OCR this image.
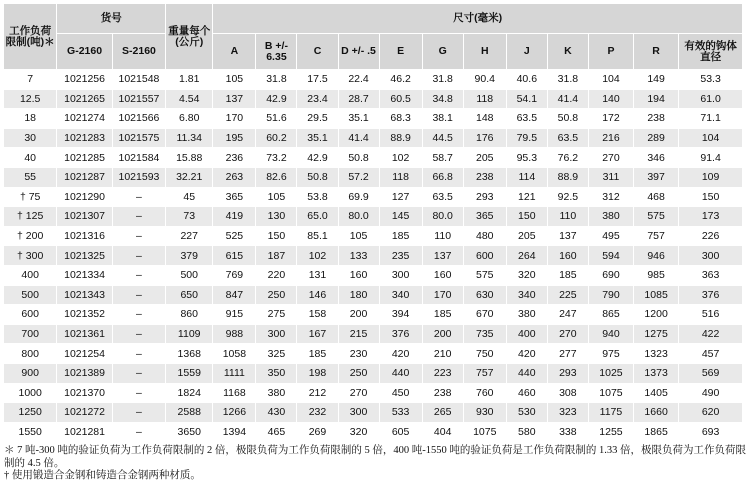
工作负荷限制(吨)＊	货号		重量每个(公斤)	尺寸(毫米)											
	G-2160	S-2160		A	B +/- 6.35	C	D +/- .5	E	G	H	J	K	P	R	有效的钩体直径

7	1021256	1021548	1.81	105	31.8	17.5	22.4	46.2	31.8	90.4	40.6	31.8	104	149	53.3
12.5	1021265	1021557	4.54	137	42.9	23.4	28.7	60.5	34.8	118	54.1	41.4	140	194	61.0
18	1021274	1021566	6.80	170	51.6	29.5	35.1	68.3	38.1	148	63.5	50.8	172	238	71.1
30	1021283	1021575	11.34	195	60.2	35.1	41.4	88.9	44.5	176	79.5	63.5	216	289	104
40	1021285	1021584	15.88	236	73.2	42.9	50.8	102	58.7	205	95.3	76.2	270	346	91.4
55	1021287	1021593	32.21	263	82.6	50.8	57.2	118	66.8	238	114	88.9	311	397	109
† 75	1021290	–	45	365	105	53.8	69.9	127	63.5	293	121	92.5	312	468	150
† 125	1021307	–	73	419	130	65.0	80.0	145	80.0	365	150	110	380	575	173
† 200	1021316	–	227	525	150	85.1	105	185	110	480	205	137	495	757	226
† 300	1021325	–	379	615	187	102	133	235	137	600	264	160	594	946	300
400	1021334	–	500	769	220	131	160	300	160	575	320	185	690	985	363
500	1021343	–	650	847	250	146	180	340	170	630	340	225	790	1085	376
600	1021352	–	860	915	275	158	200	394	185	670	380	247	865	1200	516
700	1021361	–	1109	988	300	167	215	376	200	735	400	270	940	1275	422
800	1021254	–	1368	1058	325	185	230	420	210	750	420	277	975	1323	457
900	1021389	–	1559	1111	350	198	250	440	223	757	440	293	1025	1373	569
1000	1021370	–	1824	1168	380	212	270	450	238	760	460	308	1075	1405	490
1250	1021272	–	2588	1266	430	232	300	533	265	930	530	323	1175	1660	620
1550	1021281	–	3650	1394	465	269	320	605	404	1075	580	338	1255	1865	693
＊ 7 吨-300 吨的验证负荷为工作负荷限制的 2 倍，极限负荷为工作负荷限制的 5 倍，400 吨-1550 吨的验证负荷是工作负荷限制的 1.33 倍，极限负荷为工作负荷限制的 4.5 倍。
† 使用锻造合金钢和铸造合金钢两种材质。
